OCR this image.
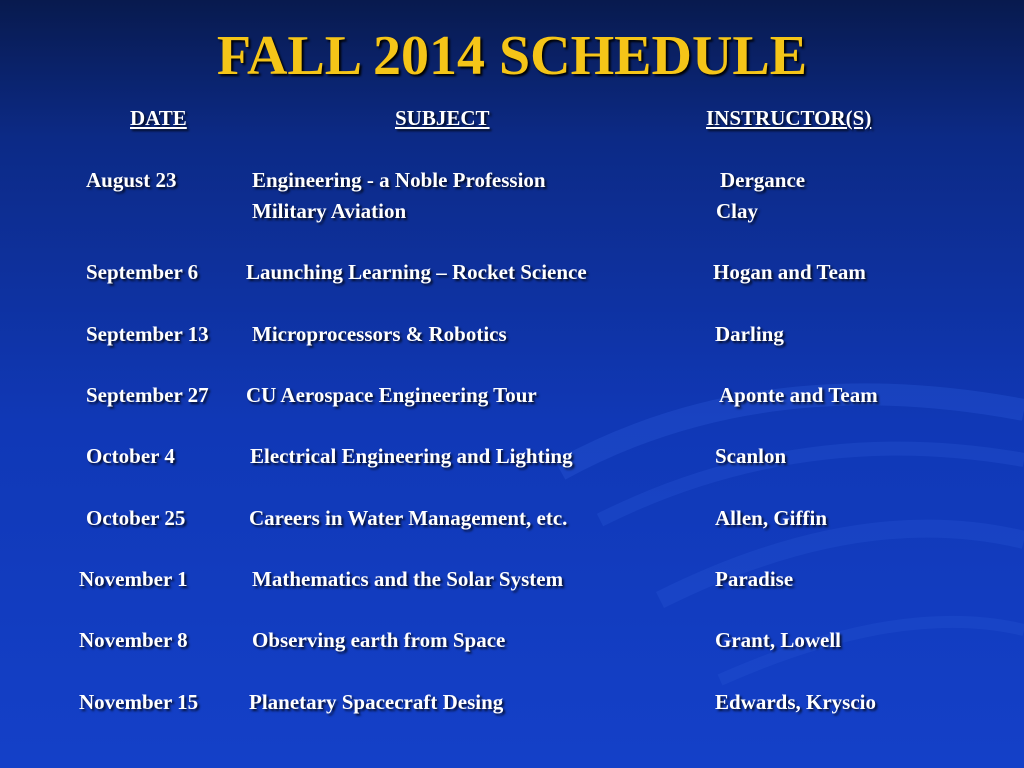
FALL 2014 SCHEDULE
DATE	SUBJECT	INSTRUCTOR(S)
August 23	Engineering - a Noble Profession	Dergance
Military Aviation	Clay
September 6 Launching Learning – Rocket Science	Hogan and Team
September 13 Microprocessors & Robotics	Darling
September 27 CU Aerospace Engineering Tour	Aponte and Team
October 4	Electrical Engineering and Lighting	Scanlon
October 25	Careers in Water Management, etc.	Allen, Giffin
November 1	Mathematics and the Solar System	Paradise
November 8	Observing earth from Space	Grant, Lowell
November 15 Planetary Spacecraft Desing	Edwards, Kryscio
